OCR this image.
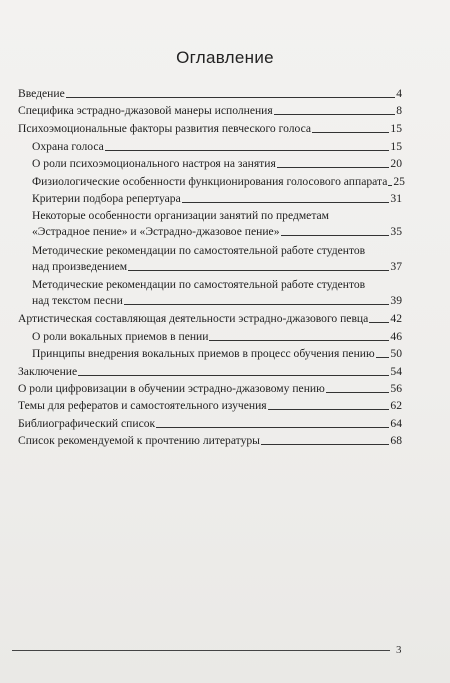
Оглавление
Введение	4
Специфика эстрадно-джазовой манеры исполнения	8
Психоэмоциональные факторы развития певческого голоса	15
Охрана голоса	15
О роли психоэмоционального настроя на занятия	20
Физиологические особенности функционирования голосового аппарата 25
Критерии подбора репертуара	31
Некоторые особенности организации занятий по предметам
«Эстрадное пение» и «Эстрадно-джазовое пение»	35
Методические рекомендации по самостоятельной работе студентов
над произведением	37
Методические рекомендации по самостоятельной работе студентов
над текстом песни	39
Артистическая составляющая деятельности эстрадно-джазового певца 42
О роли вокальных приемов в пении	46
Принципы внедрения вокальных приемов в процесс обучения пению 50
Заключение	54
О роли цифровизации в обучении эстрадно-джазовому пению	56
Темы для рефератов и самостоятельного изучения	62
Библиографический список	64
Список рекомендуемой к прочтению литературы	68
3
